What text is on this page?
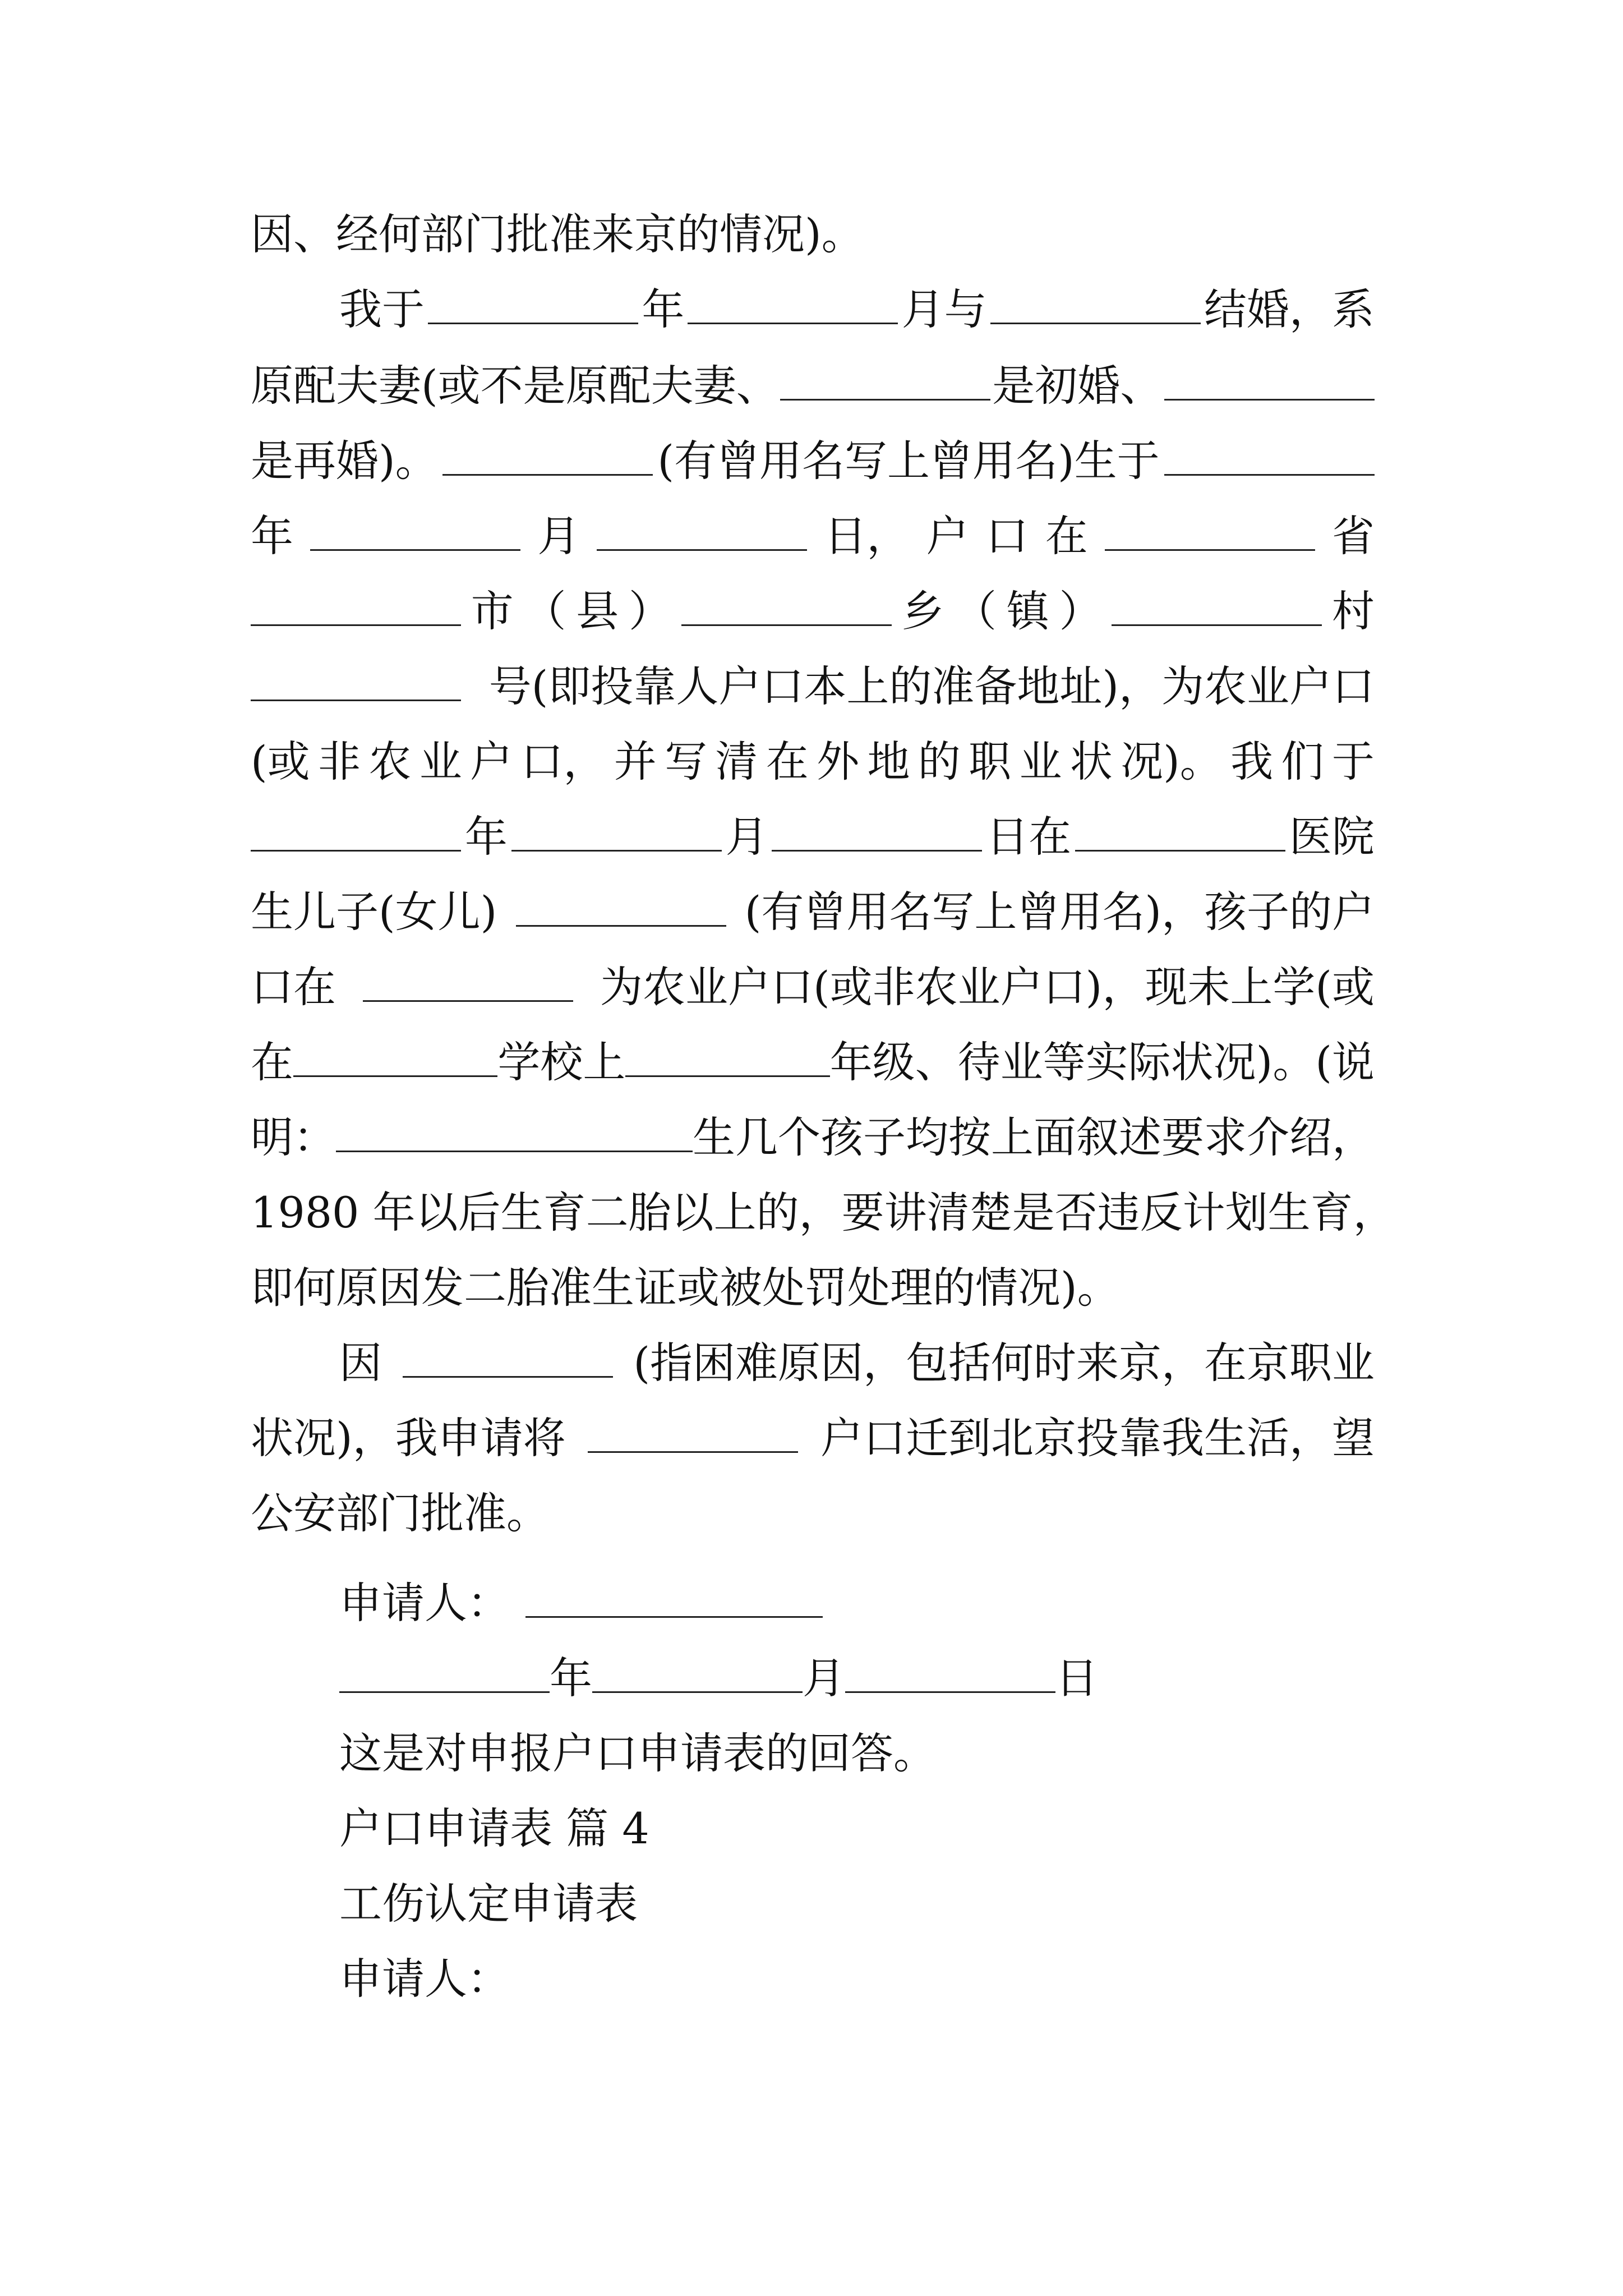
因、经何部门批准来京的情况)。
我于	年	月与	结婚，系
原配夫妻(或不是原配夫妻、	是初婚、
是再婚)。	(有曾用名写上曾用名)生于
年	月	日， 户 口 在	省
市 （ 县 ）	乡 （ 镇 ）	村
号(即投靠人户口本上的准备地址)，为农业户口
(或 非 农 业 户 口， 并 写 清 在 外 地 的 职 业 状 况)。 我 们 于
年	月	日在	医院
生儿子(女儿)	(有曾用名写上曾用名)，孩子的户
口在	为农业户口(或非农业户口)，现未上学(或
在	学校上	年级、待业等实际状况)。(说
明：	生几个孩子均按上面叙述要求介绍，
1980 年以后生育二胎以上的，要讲清楚是否违反计划生育，
即何原因发二胎准生证或被处罚处理的情况)。
因	(指困难原因，包括何时来京，在京职业
状况)，我申请将	户口迁到北京投靠我生活，望
公安部门批准。
申请人：
年	月	日
这是对申报户口申请表的回答。
户口申请表 篇 4
工伤认定申请表
申请人：
